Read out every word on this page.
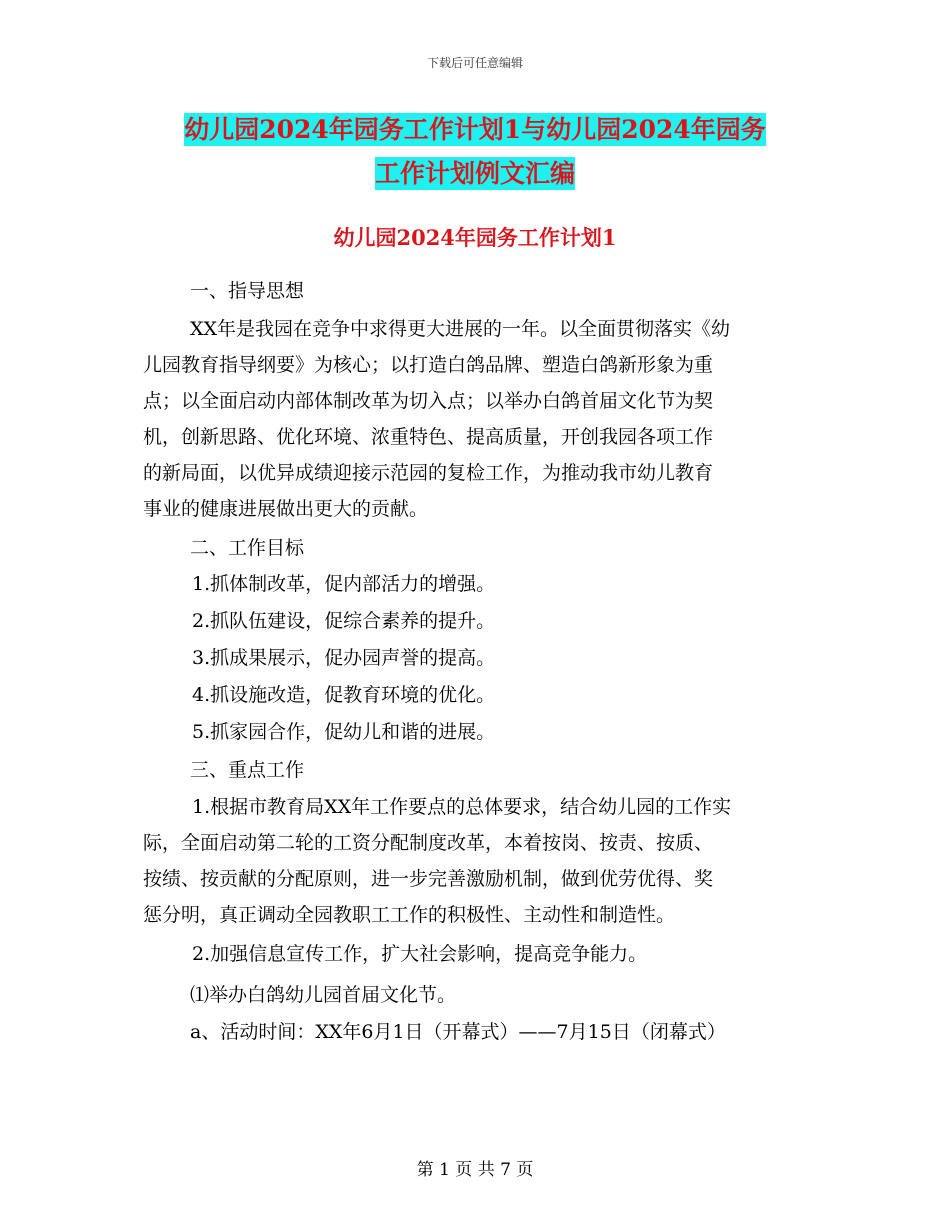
下载后可任意编辑
幼儿园2024年园务工作计划1与幼儿园2024年园务
工作计划例文汇编
幼儿园2024年园务工作计划1
一、指导思想
XX年是我园在竞争中求得更大进展的一年。以全面贯彻落实《幼
儿园教育指导纲要》为核心；以打造白鸽品牌、塑造白鸽新形象为重
点；以全面启动内部体制改革为切入点；以举办白鸽首届文化节为契
机，创新思路、优化环境、浓重特色、提高质量，开创我园各项工作
的新局面，以优异成绩迎接示范园的复检工作，为推动我市幼儿教育
事业的健康进展做出更大的贡献。
二、工作目标
1.抓体制改革，促内部活力的增强。
2.抓队伍建设，促综合素养的提升。
3.抓成果展示，促办园声誉的提高。
4.抓设施改造，促教育环境的优化。
5.抓家园合作，促幼儿和谐的进展。
三、重点工作
1.根据市教育局XX年工作要点的总体要求，结合幼儿园的工作实
际，全面启动第二轮的工资分配制度改革，本着按岗、按责、按质、
按绩、按贡献的分配原则，进一步完善激励机制，做到优劳优得、奖
惩分明，真正调动全园教职工工作的积极性、主动性和制造性。
2.加强信息宣传工作，扩大社会影响，提高竞争能力。
⑴举办白鸽幼儿园首届文化节。
a、活动时间：XX年6月1日（开幕式）——7月15日（闭幕式）
第 1 页 共 7 页
